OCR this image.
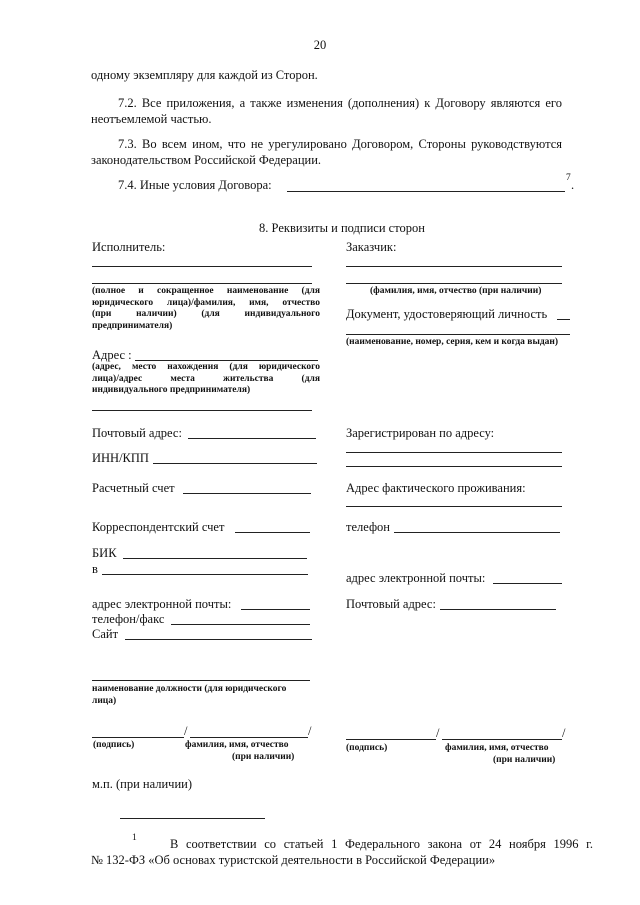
20
одному экземпляру для каждой из Сторон.
7.2. Все приложения, а также изменения (дополнения) к Договору являются его
неотъемлемой частью.
7.3. Во всем ином, что не урегулировано Договором, Стороны руководствуются
законодательством Российской Федерации.
7.4. Иные условия Договора:	7 .
8. Реквизиты и подписи сторон
Исполнитель:
(полное и сокращенное наименование (для
юридического лица)/фамилия, имя, отчество
(при наличии) (для индивидуального
предпринимателя)
Адрес :
(адрес, место нахождения (для юридического
лица)/адрес места жительства (для
индивидуального предпринимателя)
Почтовый адрес:
ИНН/КПП
Расчетный счет
Корреспондентский счет
БИК
в
адрес электронной почты:
телефон/факс
Сайт
наименование должности (для юридического
лица)
/	/
(подпись)	фамилия, имя, отчество
(при наличии)
м.п. (при наличии)
Заказчик:
(фамилия, имя, отчество (при наличии)
Документ, удостоверяющий личность
(наименование, номер, серия, кем и когда выдан)
Зарегистрирован по адресу:
Адрес фактического проживания:
телефон
адрес электронной почты:
Почтовый адрес:
/	/
(подпись)	фамилия, имя, отчество
(при наличии)
1	В соответствии со статьей 1 Федерального закона от 24 ноября 1996 г.
№ 132-ФЗ «Об основах туристской деятельности в Российской Федерации»
